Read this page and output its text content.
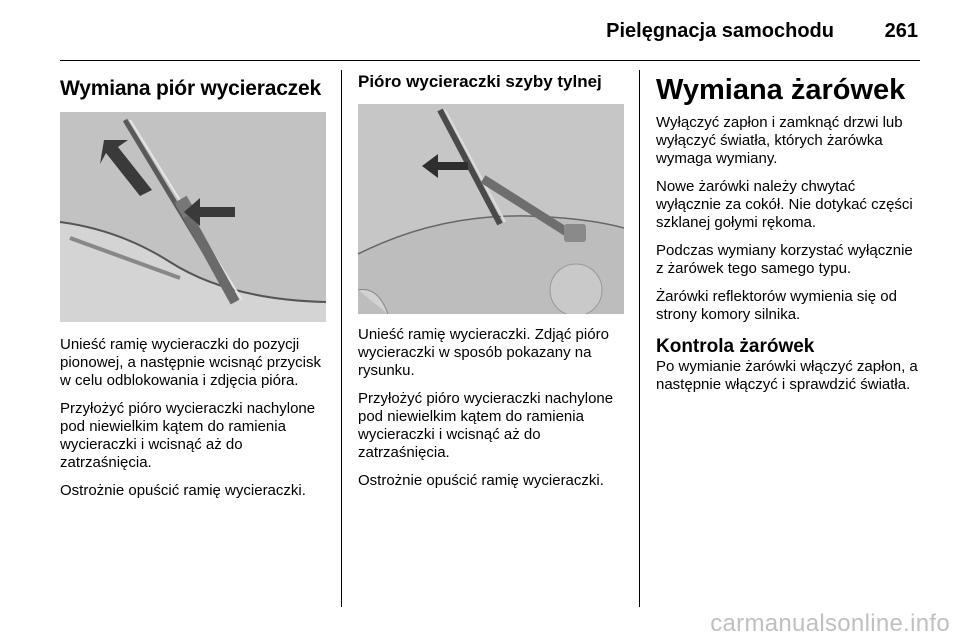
Pielęgnacja samochodu	261
Wymiana piór wycieraczek

Unieść ramię wycieraczki do pozycji pionowej, a następnie wcisnąć przycisk w celu odblokowania i zdjęcia pióra.

Przyłożyć pióro wycieraczki nachylone pod niewielkim kątem do ramienia wycieraczki i wcisnąć aż do zatrzaśnięcia.

Ostrożnie opuścić ramię wycieraczki.

Pióro wycieraczki szyby tylnej

Unieść ramię wycieraczki. Zdjąć pióro wycieraczki w sposób pokazany na rysunku.

Przyłożyć pióro wycieraczki nachylone pod niewielkim kątem do ramienia wycieraczki i wcisnąć aż do zatrzaśnięcia.

Ostrożnie opuścić ramię wycieraczki.

Wymiana żarówek

Wyłączyć zapłon i zamknąć drzwi lub wyłączyć światła, których żarówka wymaga wymiany.

Nowe żarówki należy chwytać wyłącznie za cokół. Nie dotykać części szklanej gołymi rękoma.

Podczas wymiany korzystać wyłącznie z żarówek tego samego typu.

Żarówki reflektorów wymienia się od strony komory silnika.

Kontrola żarówek

Po wymianie żarówki włączyć zapłon, a następnie włączyć i sprawdzić światła.

carmanualsonline.info
